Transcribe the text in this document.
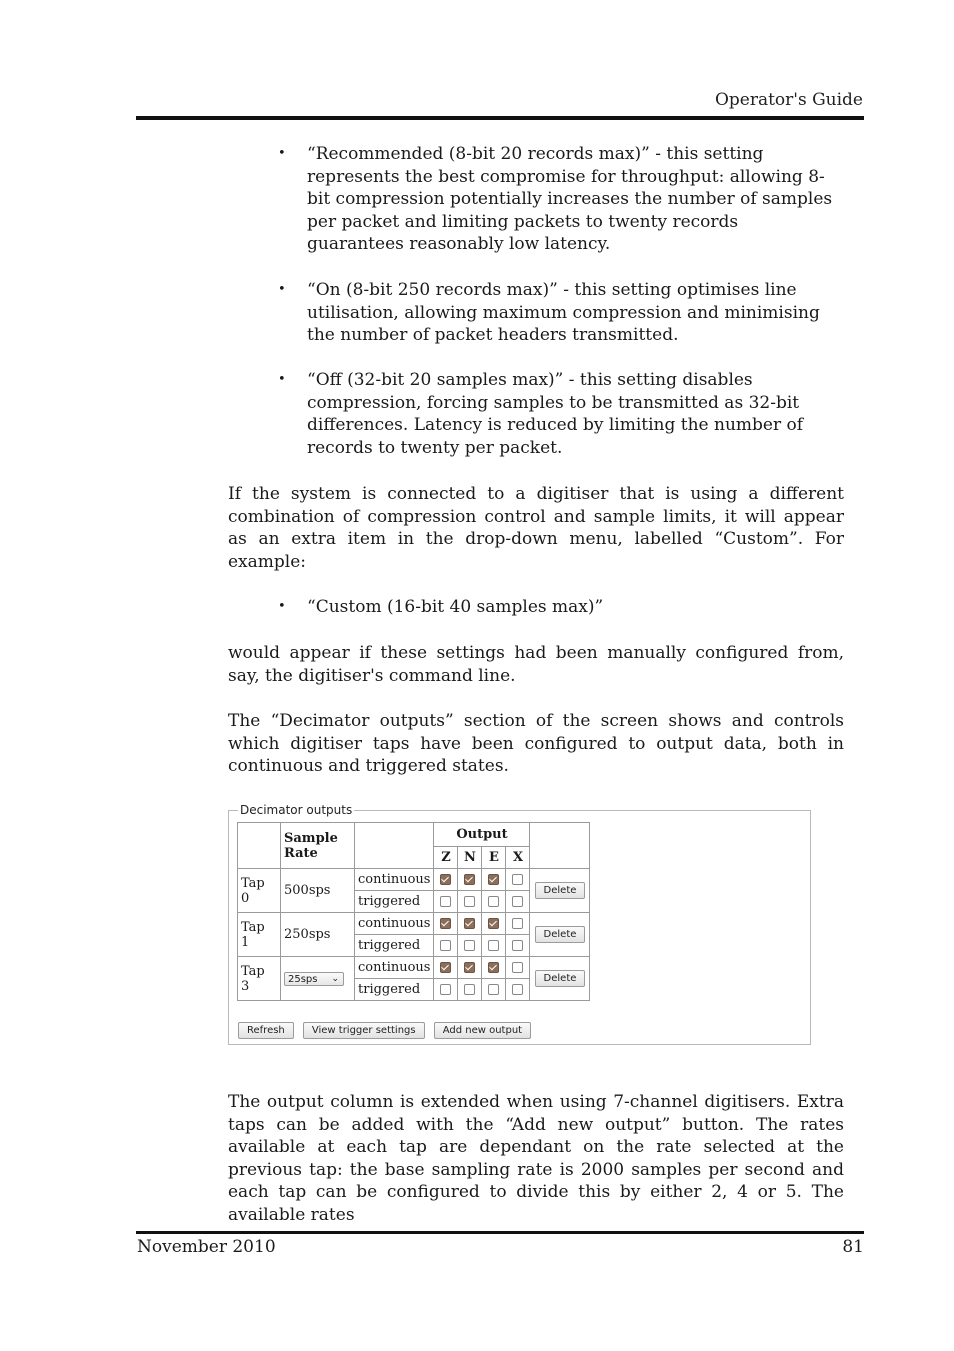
Operator's Guide
• “Recommended (8-bit 20 records max)” - this setting represents the best compromise for throughput: allowing 8-bit compression potentially increases the number of samples per packet and limiting packets to twenty records guarantees reasonably low latency.
• “On (8-bit 250 records max)” - this setting optimises line utilisation, allowing maximum compression and minimising the number of packet headers transmitted.
• “Off (32-bit 20 samples max)” - this setting disables compression, forcing samples to be transmitted as 32-bit differences. Latency is reduced by limiting the number of records to twenty per packet.
If the system is connected to a digitiser that is using a different combination of compression control and sample limits, it will appear as an extra item in the drop-down menu, labelled “Custom”. For example:
• “Custom (16-bit 40 samples max)”
would appear if these settings had been manually configured from, say, the digitiser's command line.
The “Decimator outputs” section of the screen shows and controls which digitiser taps have been configured to output data, both in continuous and triggered states.
Decimator outputs
	Sample Rate		Output				
			Z	N	E	X	
Tap 0	500sps	continuous					Delete
		triggered					
Tap 1	250sps	continuous					Delete
		triggered					
Tap 3	25sps ⌄	continuous					Delete
		triggered					
Refresh	View trigger settings	Add new output
The output column is extended when using 7-channel digitisers. Extra taps can be added with the “Add new output” button. The rates available at each tap are dependant on the rate selected at the previous tap: the base sampling rate is 2000 samples per second and each tap can be configured to divide this by either 2, 4 or 5. The available rates
November 2010	81
